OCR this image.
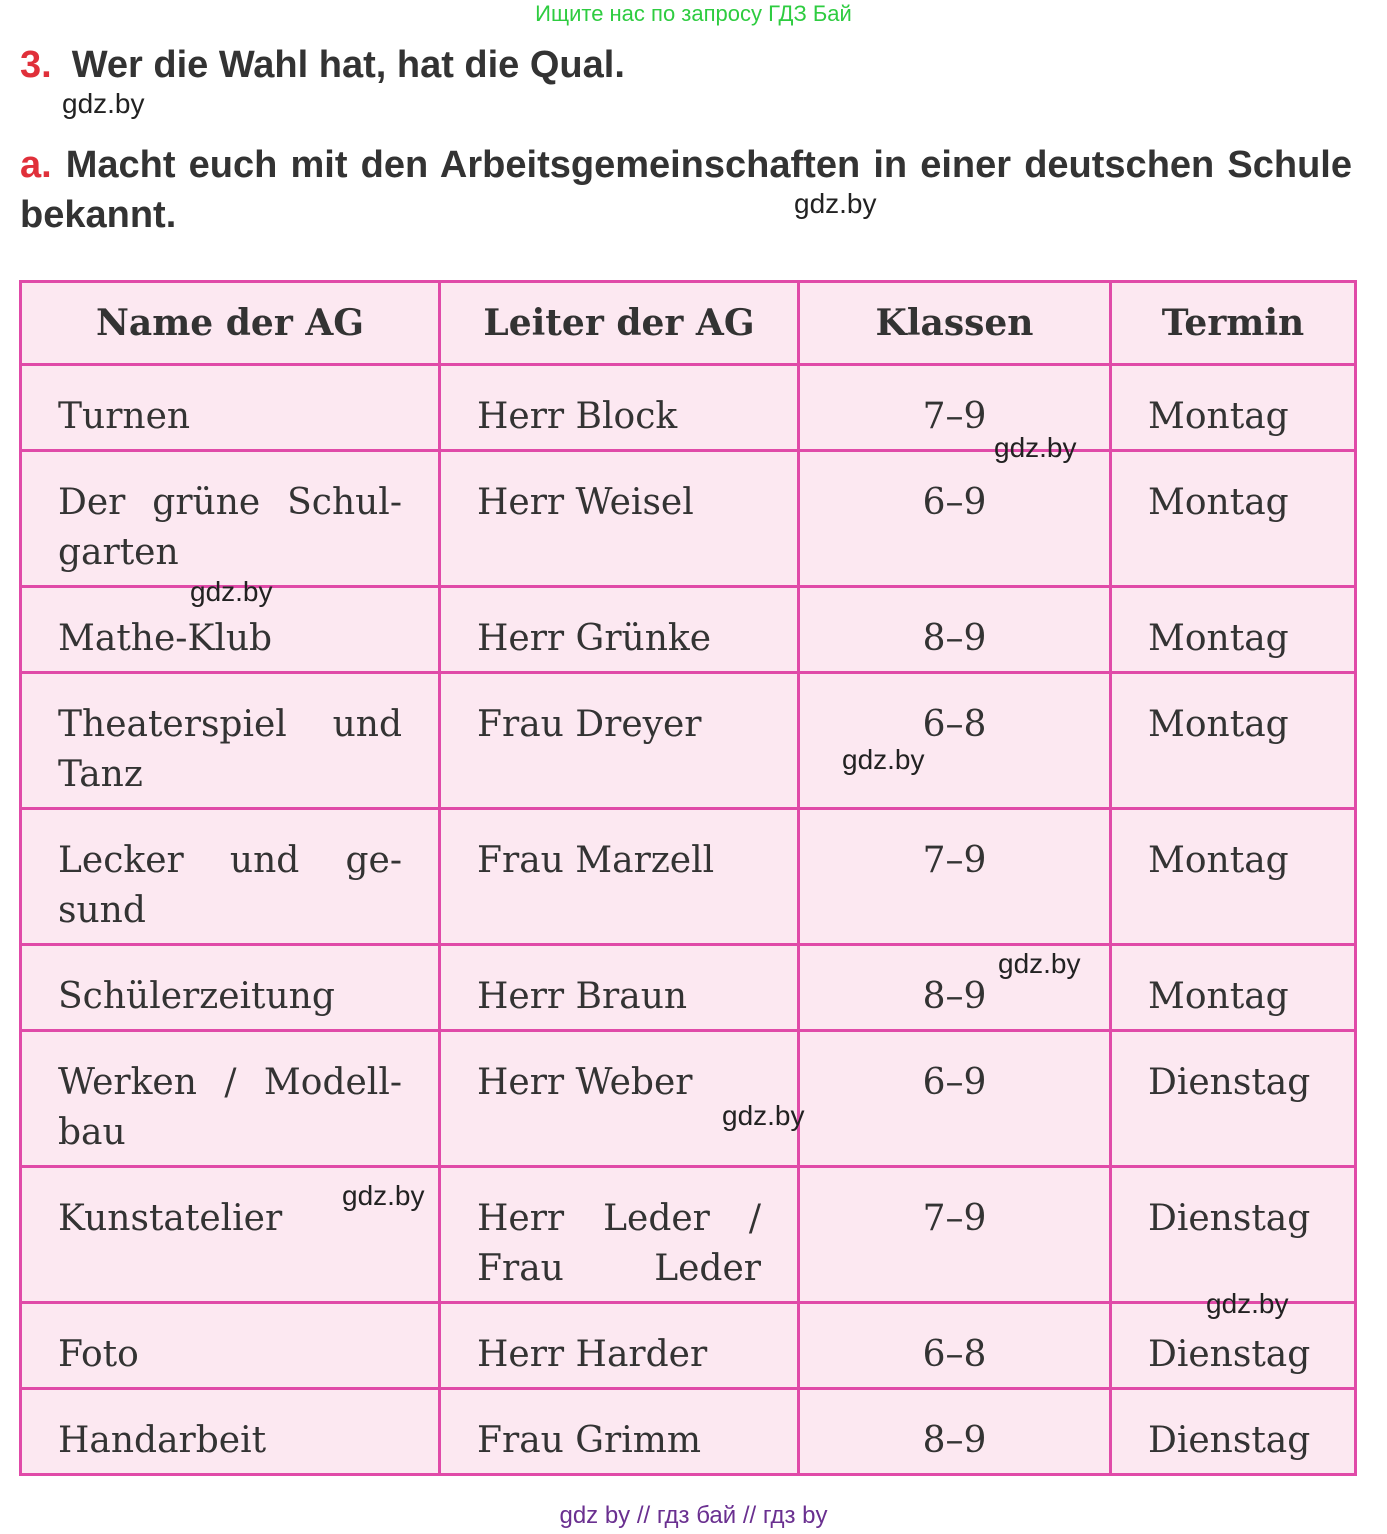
Ищите нас по запросу ГДЗ Бай
3. Wer die Wahl hat, hat die Qual.
a. Macht euch mit den Arbeitsgemeinschaften in einer deutschen Schule bekannt.
Name der AG	Leiter der AG	Klassen	Termin
Turnen	Herr Block	7–9	Montag
Der grüne Schul-garten	Herr Weisel	6–9	Montag
Mathe-Klub	Herr Grünke	8–9	Montag
Theaterspiel und Tanz	Frau Dreyer	6–8	Montag
Lecker und ge-sund	Frau Marzell	7–9	Montag
Schülerzeitung	Herr Braun	8–9	Montag
Werken / Modell-bau	Herr Weber	6–9	Dienstag
Kunstatelier	Herr Leder / Frau Leder	7–9	Dienstag
Foto	Herr Harder	6–8	Dienstag
Handarbeit	Frau Grimm	8–9	Dienstag
gdz.by
gdz.by
gdz.by
gdz.by
gdz.by
gdz.by
gdz.by
gdz.by
gdz.by
gdz by // гдз бай // гдз by
